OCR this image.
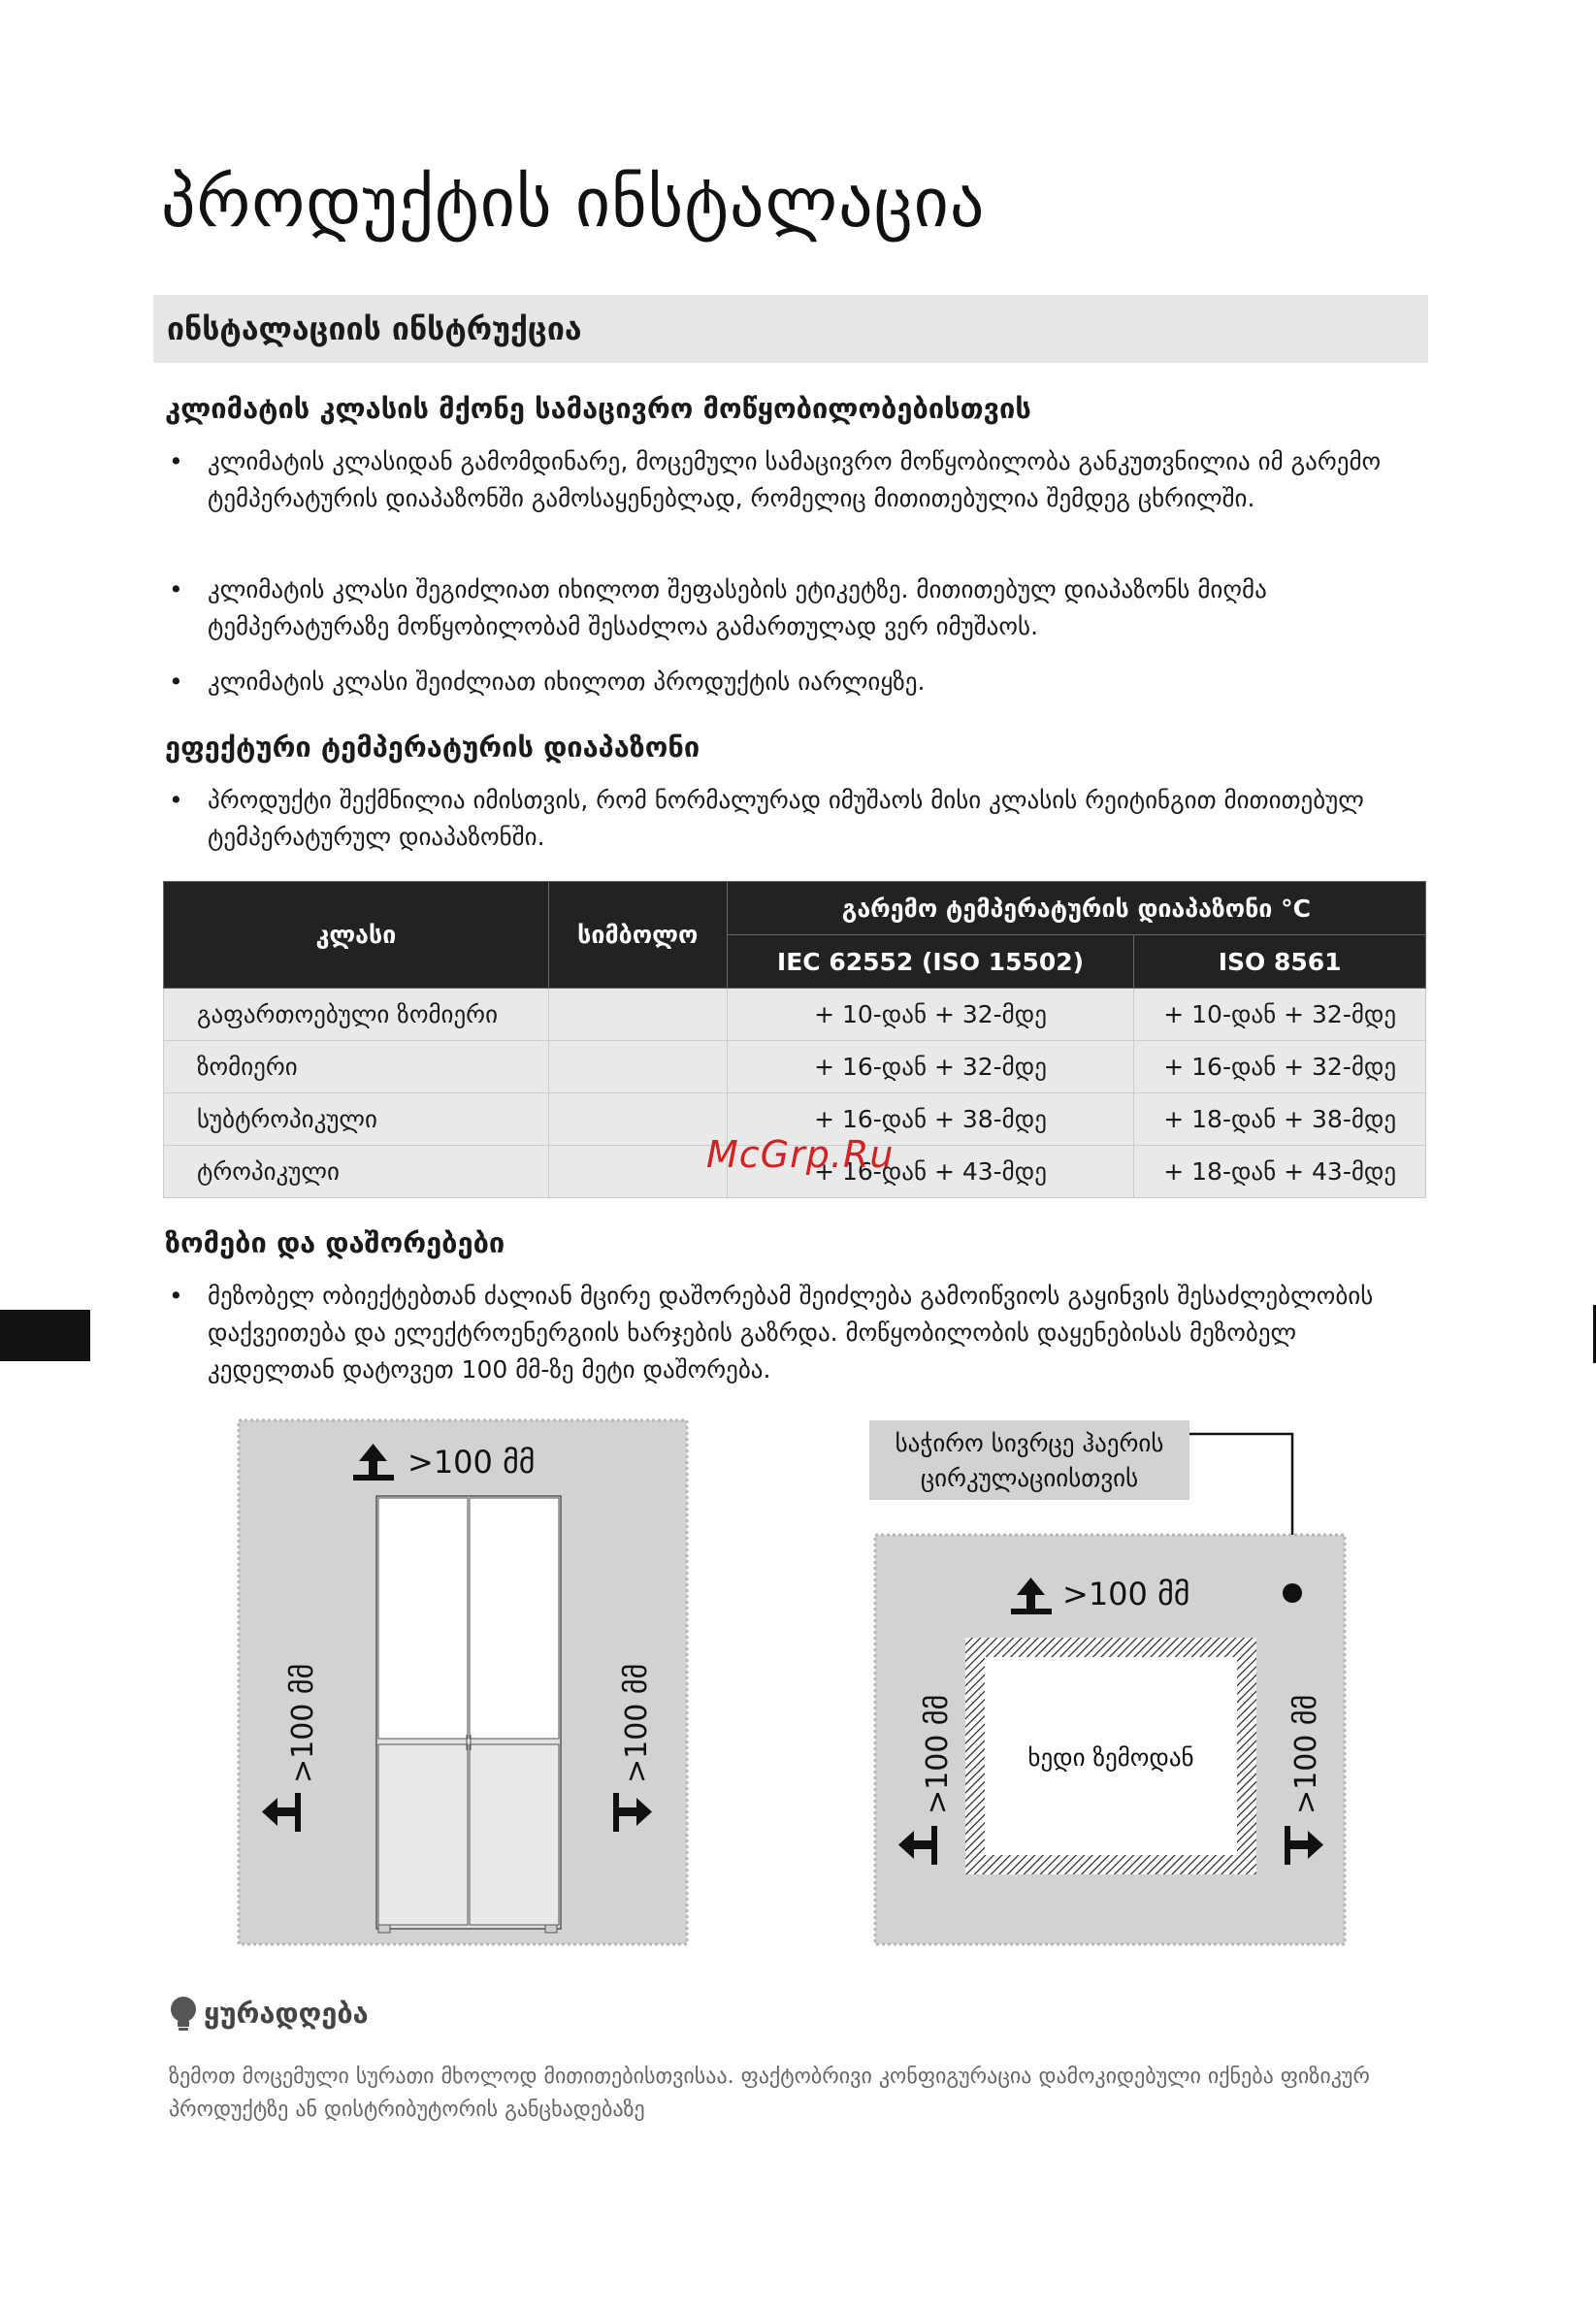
პროდუქტის ინსტალაცია
ინსტალაციის ინსტრუქცია
კლიმატის კლასის მქონე სამაცივრო მოწყობილობებისთვის
• კლიმატის კლასიდან გამომდინარე, მოცემული სამაცივრო მოწყობილობა განკუთვნილია იმ გარემო ტემპერატურის დიაპაზონში გამოსაყენებლად, რომელიც მითითებულია შემდეგ ცხრილში.
• კლიმატის კლასი შეგიძლიათ იხილოთ შეფასების ეტიკეტზე. მითითებულ დიაპაზონს მიღმა ტემპერატურაზე მოწყობილობამ შესაძლოა გამართულად ვერ იმუშაოს.
• კლიმატის კლასი შეიძლიათ იხილოთ პროდუქტის იარლიყზე.
ეფექტური ტემპერატურის დიაპაზონი
• პროდუქტი შექმნილია იმისთვის, რომ ნორმალურად იმუშაოს მისი კლასის რეიტინგით მითითებულ ტემპერატურულ დიაპაზონში.
კლასი	სიმბოლო	გარემო ტემპერატურის დიაპაზონი °C	
		IEC 62552 (ISO 15502)	ISO 8561
გაფართოებული ზომიერი		+ 10-დან + 32-მდე	+ 10-დან + 32-მდე
ზომიერი		+ 16-დან + 32-მდე	+ 16-დან + 32-მდე
სუბტროპიკული		+ 16-დან + 38-მდე	+ 18-დან + 38-მდე
ტროპიკული		+ 16-დან + 43-მდე	+ 18-დან + 43-მდე
McGrp.Ru
ზომები და დაშორებები
• მეზობელ ობიექტებთან ძალიან მცირე დაშორებამ შეიძლება გამოიწვიოს გაყინვის შესაძლებლობის დაქვეითება და ელექტროენერგიის ხარჯების გაზრდა. მოწყობილობის დაყენებისას მეზობელ კედელთან დატოვეთ 100 მმ-ზე მეტი დაშორება.
>100 მმ
>100 მმ	>100 მმ
საჭირო სივრცე ჰაერის
ცირკულაციისთვის
ხედი ზემოდან
>100 მმ
>100 მმ	>100 მმ
ყურადღება
ზემოთ მოცემული სურათი მხოლოდ მითითებისთვისაა. ფაქტობრივი კონფიგურაცია დამოკიდებული იქნება ფიზიკურ პროდუქტზე ან დისტრიბუტორის განცხადებაზე
